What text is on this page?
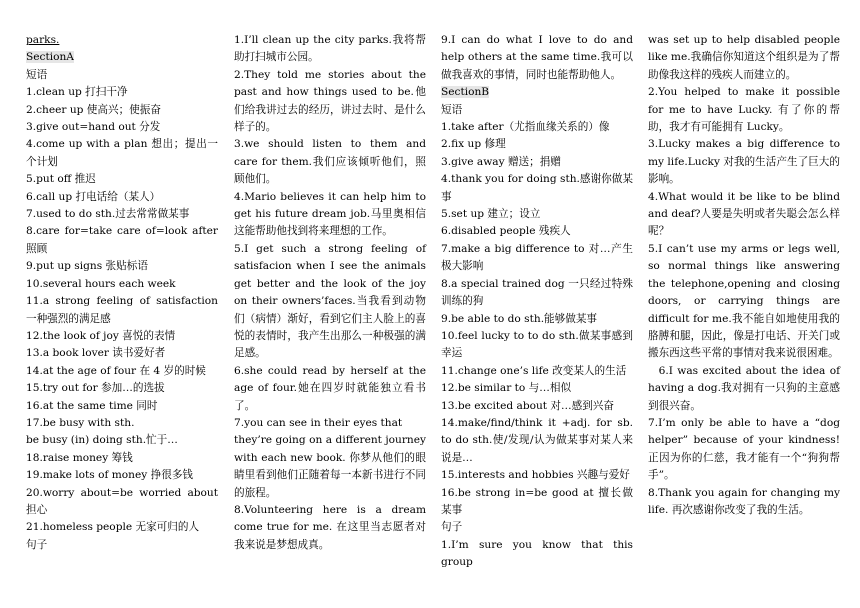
parks.

SectionA

短语

1.clean up 打扫干净

2.cheer up 使高兴；使振奋

3.give out=hand out 分发

4.come up with a plan 想出；提出一个计划

5.put off 推迟

6.call up 打电话给（某人）

7.used to do sth.过去常常做某事

8.care for=take care of=look after 照顾

9.put up signs 张贴标语

10.several hours each week

11.a strong feeling of satisfaction 一种强烈的满足感

12.the look of joy 喜悦的表情

13.a book lover 读书爱好者

14.at the age of four 在 4 岁的时候

15.try out for 参加…的选拔

16.at the same time 同时

17.be busy with sth.

be busy (in) doing sth.忙于…

18.raise money 筹钱

19.make lots of money 挣很多钱

20.worry about=be worried about 担心

21.homeless people 无家可归的人

句子

1.I’ll clean up the city parks.我将帮助打扫城市公园。

2.They told me stories about the past and how things used to be.他们给我讲过去的经历，讲过去时、是什么样子的。

3.we should listen to them and care for them.我们应该倾听他们，照顾他们。

4.Mario believes it can help him to get his future dream job.马里奥相信这能帮助他找到将来理想的工作。

5.I get such a strong feeling of satisfacion when I see the animals get better and the look of the joy on their owners’faces.当我看到动物们（病情）渐好，看到它们主人脸上的喜悦的表情时，我产生出那么一种极强的满足感。

6.she could read by herself at the age of four.她在四岁时就能独立看书了。

7.you can see in their eyes that

they’re going on a different journey with each new book. 你梦从他们的眼睛里看到他们正随着每一本新书进行不同的旅程。

8.Volunteering here is a dream come true for me. 在这里当志愿者对我来说是梦想成真。

9.I can do what I love to do and help others at the same time.我可以做我喜欢的事情，同时也能帮助他人。

SectionB

短语

1.take after（尤指血缘关系的）像

2.fix up 修理

3.give away 赠送；捐赠

4.thank you for doing sth.感谢你做某事

5.set up 建立；设立

6.disabled people 残疾人

7.make a big difference to 对…产生极大影响

8.a special trained dog 一只经过特殊训练的狗

9.be able to do sth.能够做某事

10.feel lucky to to do sth.做某事感到幸运

11.change one’s life 改变某人的生活

12.be similar to 与…相似

13.be excited about 对…感到兴奋

14.make/find/think it +adj. for sb. to do sth.使/发现/认为做某事对某人来说是…

15.interests and hobbies 兴趣与爱好

16.be strong in=be good at 擅长做某事

句子

1.I’m sure you know that this group

was set up to help disabled people like me.我确信你知道这个组织是为了帮助像我这样的残疾人而建立的。

2.You helped to make it possible for me to have Lucky. 有了你的帮助，我才有可能拥有 Lucky。

3.Lucky makes a big difference to my life.Lucky 对我的生活产生了巨大的影响。

4.What would it be like to be blind and deaf?人要是失明或者失聪会怎么样呢？

5.I can’t use my arms or legs well, so normal things like answering the telephone,opening and closing doors, or carrying things are difficult for me.我不能自如地使用我的胳膊和腿，因此，像是打电话、开关门或搬东西这些平常的事情对我来说很困难。

6.I was excited about the idea of having a dog.我对拥有一只狗的主意感到很兴奋。

7.I’m only be able to have a “dog helper” because of your kindness!正因为你的仁慈，我才能有一个“狗狗帮手”。

8.Thank you again for changing my life. 再次感谢你改变了我的生活。
